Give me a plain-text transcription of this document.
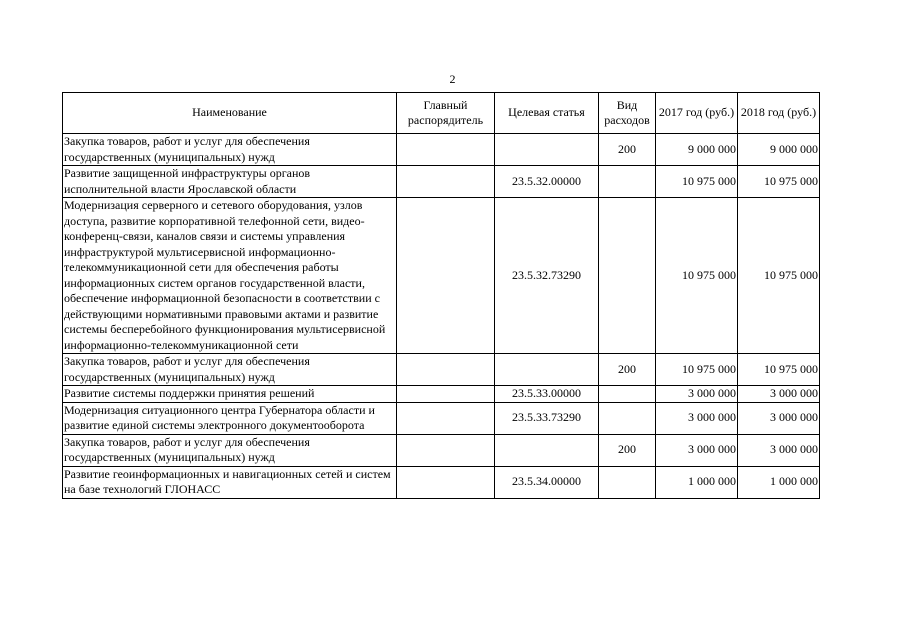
2
Наименование	Главный распорядитель	Целевая статья	Вид расходов	2017 год (руб.)	2018 год (руб.)
Закупка товаров, работ и услуг для обеспечения государственных (муниципальных) нужд			200	9 000 000	9 000 000
Развитие защищенной инфраструктуры органов исполнительной власти Ярославской области		23.5.32.00000		10 975 000	10 975 000
Модернизация серверного и сетевого оборудования, узлов доступа, развитие корпоративной телефонной сети, видео-конференц-связи, каналов связи и системы управления инфраструктурой мультисервисной информационно-телекоммуникационной сети для обеспечения работы информационных систем органов государственной власти, обеспечение информационной безопасности в соответствии с действующими нормативными правовыми актами и развитие системы бесперебойного функционирования мультисервисной информационно-телекоммуникационной сети		23.5.32.73290		10 975 000	10 975 000
Закупка товаров, работ и услуг для обеспечения государственных (муниципальных) нужд			200	10 975 000	10 975 000
Развитие системы поддержки принятия решений		23.5.33.00000		3 000 000	3 000 000
Модернизация ситуационного центра Губернатора области и развитие единой системы электронного документооборота		23.5.33.73290		3 000 000	3 000 000
Закупка товаров, работ и услуг для обеспечения государственных (муниципальных) нужд			200	3 000 000	3 000 000
Развитие геоинформационных и навигационных сетей и систем на базе технологий ГЛОНАСС		23.5.34.00000		1 000 000	1 000 000
